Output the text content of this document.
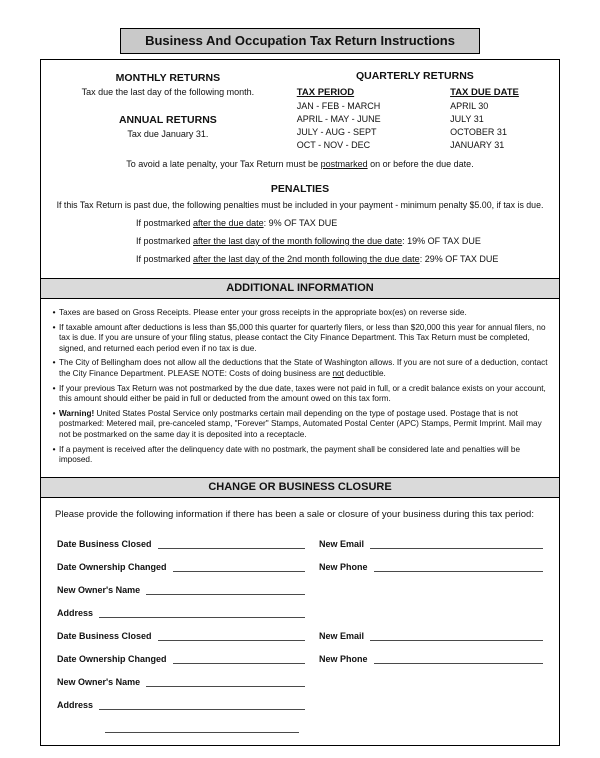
Business And Occupation Tax Return Instructions
MONTHLY RETURNS
Tax due the last day of the following month.
ANNUAL RETURNS
Tax due January 31.
QUARTERLY RETURNS
TAX PERIOD	TAX DUE DATE
JAN - FEB - MARCH	APRIL 30
APRIL - MAY - JUNE	JULY 31
JULY - AUG - SEPT	OCTOBER 31
OCT - NOV - DEC	JANUARY 31
To avoid a late penalty, your Tax Return must be postmarked on or before the due date.
PENALTIES
If this Tax Return is past due, the following penalties must be included in your payment - minimum penalty $5.00, if tax is due.
If postmarked after the due date: 9% OF TAX DUE
If postmarked after the last day of the month following the due date: 19% OF TAX DUE
If postmarked after the last day of the 2nd month following the due date: 29% OF TAX DUE
ADDITIONAL INFORMATION
• Taxes are based on Gross Receipts. Please enter your gross receipts in the appropriate box(es) on reverse side.
• If taxable amount after deductions is less than $5,000 this quarter for quarterly filers, or less than $20,000 this year for annual filers, no tax is due. If you are unsure of your filing status, please contact the City Finance Department. This Tax Return must be completed, signed, and returned each period even if no tax is due.
• The City of Bellingham does not allow all the deductions that the State of Washington allows. If you are not sure of a deduction, contact the City Finance Department. PLEASE NOTE: Costs of doing business are not deductible.
• If your previous Tax Return was not postmarked by the due date, taxes were not paid in full, or a credit balance exists on your account, this amount should either be paid in full or deducted from the amount owed on this tax form.
• Warning! United States Postal Service only postmarks certain mail depending on the type of postage used. Postage that is not postmarked: Metered mail, pre-canceled stamp, "Forever" Stamps, Automated Postal Center (APC) Stamps, Permit Imprint. Mail may not be postmarked on the same day it is deposited into a receptacle.
• If a payment is received after the delinquency date with no postmark, the payment shall be considered late and penalties will be imposed.
CHANGE OR BUSINESS CLOSURE
Please provide the following information if there has been a sale or closure of your business during this tax period:
Date Business Closed	New Email
Date Ownership Changed	New Phone
New Owner's Name
Address
Date Business Closed	New Email
Date Ownership Changed	New Phone
New Owner's Name
Address
